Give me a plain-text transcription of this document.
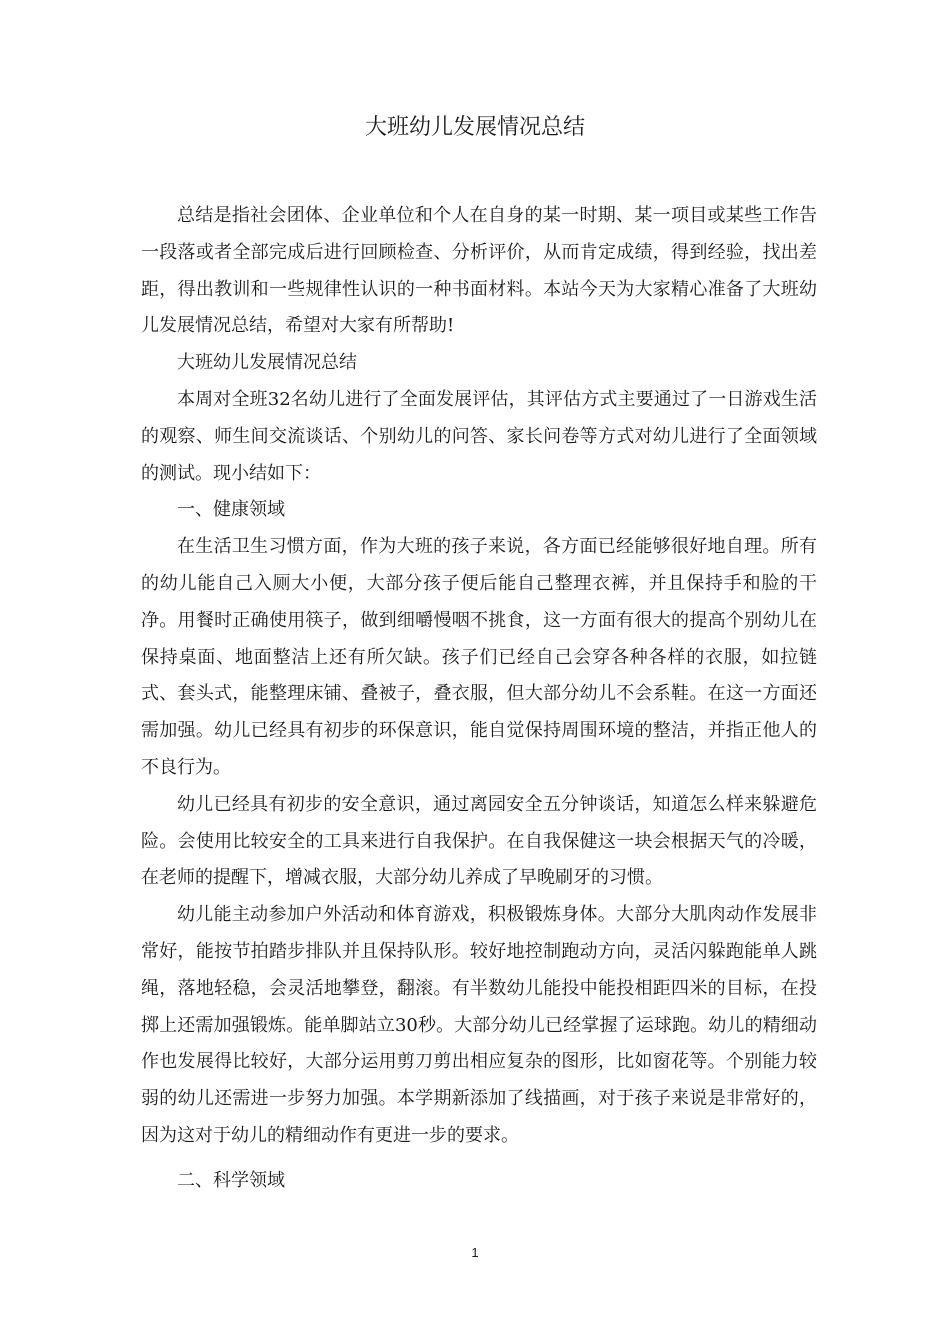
大班幼儿发展情况总结

总结是指社会团体、企业单位和个人在自身的某一时期、某一项目或某些工作告一段落或者全部完成后进行回顾检查、分析评价，从而肯定成绩，得到经验，找出差距，得出教训和一些规律性认识的一种书面材料。本站今天为大家精心准备了大班幼儿发展情况总结，希望对大家有所帮助!

大班幼儿发展情况总结

本周对全班32名幼儿进行了全面发展评估，其评估方式主要通过了一日游戏生活的观察、师生间交流谈话、个别幼儿的问答、家长问卷等方式对幼儿进行了全面领域的测试。现小结如下：

一、健康领域

在生活卫生习惯方面，作为大班的孩子来说，各方面已经能够很好地自理。所有的幼儿能自己入厕大小便，大部分孩子便后能自己整理衣裤，并且保持手和脸的干净。用餐时正确使用筷子，做到细嚼慢咽不挑食，这一方面有很大的提高个别幼儿在保持桌面、地面整洁上还有所欠缺。孩子们已经自己会穿各种各样的衣服，如拉链式、套头式，能整理床铺、叠被子，叠衣服，但大部分幼儿不会系鞋。在这一方面还需加强。幼儿已经具有初步的环保意识，能自觉保持周围环境的整洁，并指正他人的不良行为。

幼儿已经具有初步的安全意识，通过离园安全五分钟谈话，知道怎么样来躲避危险。会使用比较安全的工具来进行自我保护。在自我保健这一块会根据天气的冷暖，在老师的提醒下，增减衣服，大部分幼儿养成了早晚刷牙的习惯。

幼儿能主动参加户外活动和体育游戏，积极锻炼身体。大部分大肌肉动作发展非常好，能按节拍踏步排队并且保持队形。较好地控制跑动方向，灵活闪躲跑能单人跳绳，落地轻稳，会灵活地攀登，翻滚。有半数幼儿能投中能投相距四米的目标，在投掷上还需加强锻炼。能单脚站立30秒。大部分幼儿已经掌握了运球跑。幼儿的精细动作也发展得比较好，大部分运用剪刀剪出相应复杂的图形，比如窗花等。个别能力较弱的幼儿还需进一步努力加强。本学期新添加了线描画，对于孩子来说是非常好的，因为这对于幼儿的精细动作有更进一步的要求。

二、科学领域

1
